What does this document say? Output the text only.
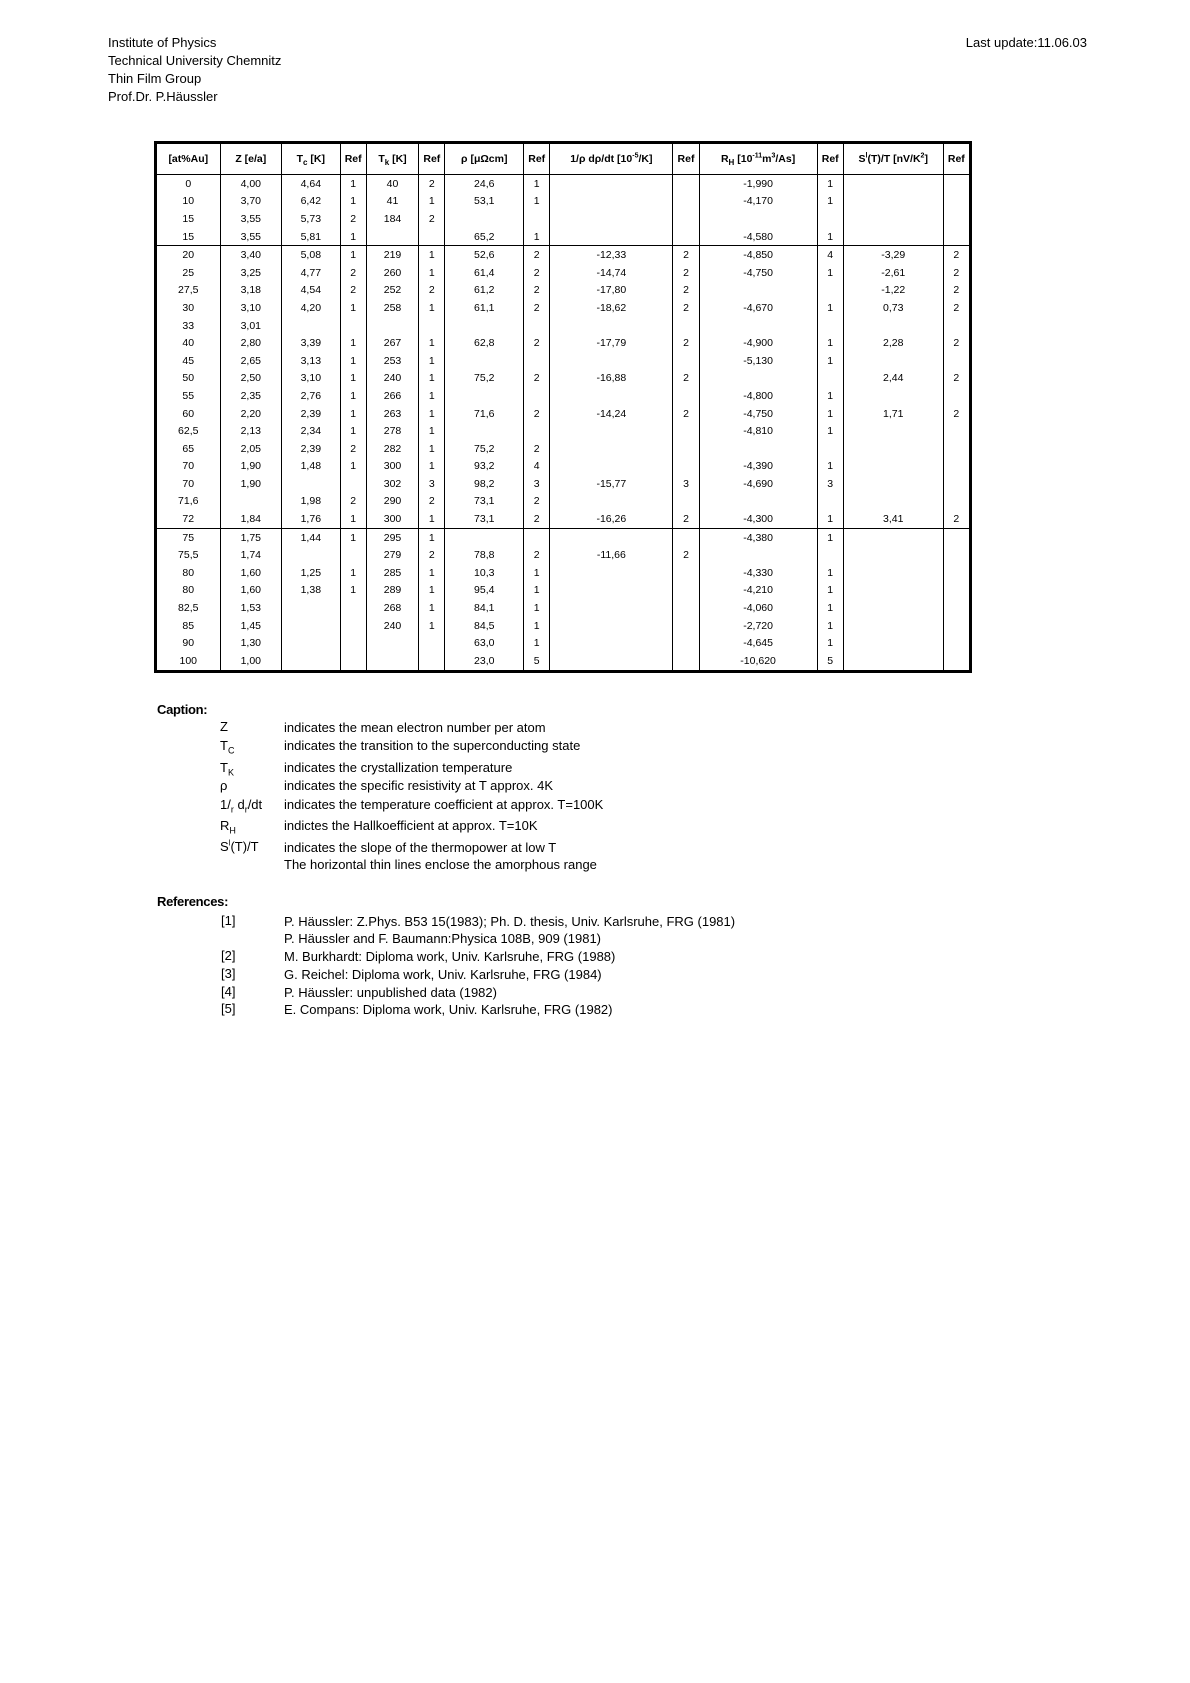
Institute of Physics
Technical University Chemnitz
Thin Film Group
Prof.Dr. P.Häussler
Last update:11.06.03
[at%Au]	Z [e/a]	$T_c$ [K]	Ref	$T_k$ [K]	Ref	ρ [μΩcm]	Ref	1/ρ dρ/dt $[10^{-5}/K]$	Ref	$R_H$ $[10^{-11}m^3/As]$	Ref	$S^l(T)/T$ $[nV/K^2]$	Ref
0	4,00	4,64	1	40	2	24,6	1			-1,990	1		
10	3,70	6,42	1	41	1	53,1	1			-4,170	1		
15	3,55	5,73	2	184	2								
15	3,55	5,81	1			65,2	1			-4,580	1		
20	3,40	5,08	1	219	1	52,6	2	-12,33	2	-4,850	4	-3,29	2
25	3,25	4,77	2	260	1	61,4	2	-14,74	2	-4,750	1	-2,61	2
27,5	3,18	4,54	2	252	2	61,2	2	-17,80	2			-1,22	2
30	3,10	4,20	1	258	1	61,1	2	-18,62	2	-4,670	1	0,73	2
33	3,01												
40	2,80	3,39	1	267	1	62,8	2	-17,79	2	-4,900	1	2,28	2
45	2,65	3,13	1	253	1					-5,130	1		
50	2,50	3,10	1	240	1	75,2	2	-16,88	2			2,44	2
55	2,35	2,76	1	266	1					-4,800	1		
60	2,20	2,39	1	263	1	71,6	2	-14,24	2	-4,750	1	1,71	2
62,5	2,13	2,34	1	278	1					-4,810	1		
65	2,05	2,39	2	282	1	75,2	2						
70	1,90	1,48	1	300	1	93,2	4			-4,390	1		
70	1,90			302	3	98,2	3	-15,77	3	-4,690	3		
71,6		1,98	2	290	2	73,1	2						
72	1,84	1,76	1	300	1	73,1	2	-16,26	2	-4,300	1	3,41	2
75	1,75	1,44	1	295	1					-4,380	1		
75,5	1,74			279	2	78,8	2	-11,66	2				
80	1,60	1,25	1	285	1	10,3	1			-4,330	1		
80	1,60	1,38	1	289	1	95,4	1			-4,210	1		
82,5	1,53			268	1	84,1	1			-4,060	1		
85	1,45			240	1	84,5	1			-2,720	1		
90	1,30					63,0	1			-4,645	1		
100	1,00					23,0	5			-10,620	5		
Caption:
Z	indicates the mean electron number per atom
$T_C$	indicates the transition to the superconducting state
$T_K$	indicates the crystallization temperature
ρ	indicates the specific resistivity at T approx. 4K
$1/_r$ $d_r/dt$ indicates the temperature coefficient at approx. T=100K
$R_H$	indictes the Hallkoefficient at approx. T=10K
$S^l(T)/T$ indicates the slope of the thermopower at low T
The horizontal thin lines enclose the amorphous range
References:
[1]	P. Häussler: Z.Phys. B53 15(1983); Ph. D. thesis, Univ. Karlsruhe, FRG (1981)
P. Häussler and F. Baumann:Physica 108B, 909 (1981)
[2]	M. Burkhardt: Diploma work, Univ. Karlsruhe, FRG (1988)
[3]	G. Reichel: Diploma work, Univ. Karlsruhe, FRG (1984)
[4]	P. Häussler: unpublished data (1982)
[5]	E. Compans: Diploma work, Univ. Karlsruhe, FRG (1982)
